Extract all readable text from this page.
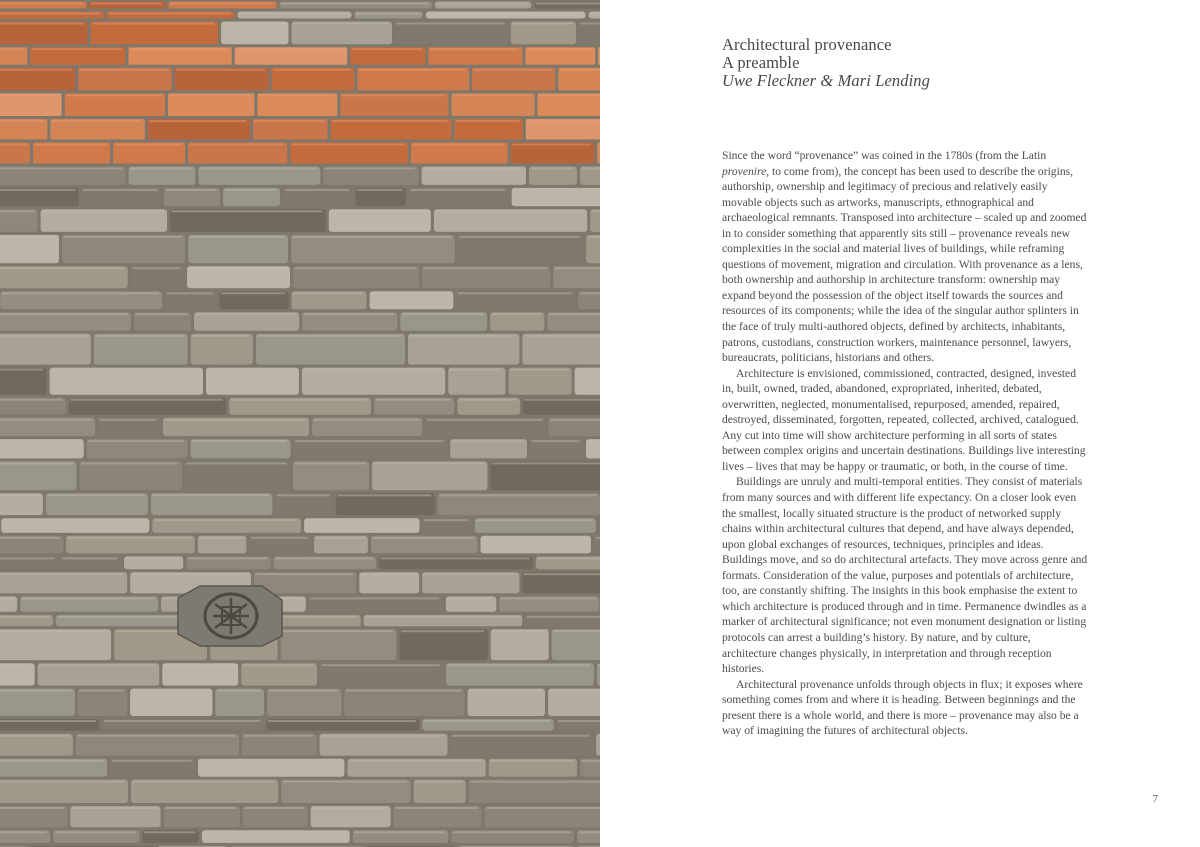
Architectural provenance
A preamble
Uwe Fleckner & Mari Lending

Since the word “provenance” was coined in the 1780s (from the Latin provenire, to come from), the concept has been used to describe the origins, authorship, ownership and legitimacy of precious and relatively easily movable objects such as artworks, manuscripts, ethnographical and archaeological remnants. Transposed into architecture – scaled up and zoomed in to consider something that apparently sits still – provenance reveals new complexities in the social and material lives of buildings, while reframing questions of movement, migration and circulation. With provenance as a lens, both ownership and authorship in architecture transform: ownership may expand beyond the possession of the object itself towards the sources and resources of its components; while the idea of the singular author splinters in the face of truly multi-authored objects, defined by architects, inhabitants, patrons, custodians, construction workers, maintenance personnel, lawyers, bureaucrats, politicians, historians and others.

Architecture is envisioned, commissioned, contracted, designed, invested in, built, owned, traded, abandoned, expropriated, inherited, debated, overwritten, neglected, monumentalised, repurposed, amended, repaired, destroyed, disseminated, forgotten, repeated, collected, archived, catalogued. Any cut into time will show architecture performing in all sorts of states between complex origins and uncertain destinations. Buildings live interesting lives – lives that may be happy or traumatic, or both, in the course of time.

Buildings are unruly and multi-temporal entities. They consist of materials from many sources and with different life expectancy. On a closer look even the smallest, locally situated structure is the product of networked supply chains within architectural cultures that depend, and have always depended, upon global exchanges of resources, techniques, principles and ideas. Buildings move, and so do architectural artefacts. They move across genre and formats. Consideration of the value, purposes and potentials of architecture, too, are constantly shifting. The insights in this book emphasise the extent to which architecture is produced through and in time. Permanence dwindles as a marker of architectural significance; not even monument designation or listing protocols can arrest a building’s history. By nature, and by culture, architecture changes physically, in interpretation and through reception histories.

Architectural provenance unfolds through objects in flux; it exposes where something comes from and where it is heading. Between beginnings and the present there is a whole world, and there is more – provenance may also be a way of imagining the futures of architectural objects.

7
